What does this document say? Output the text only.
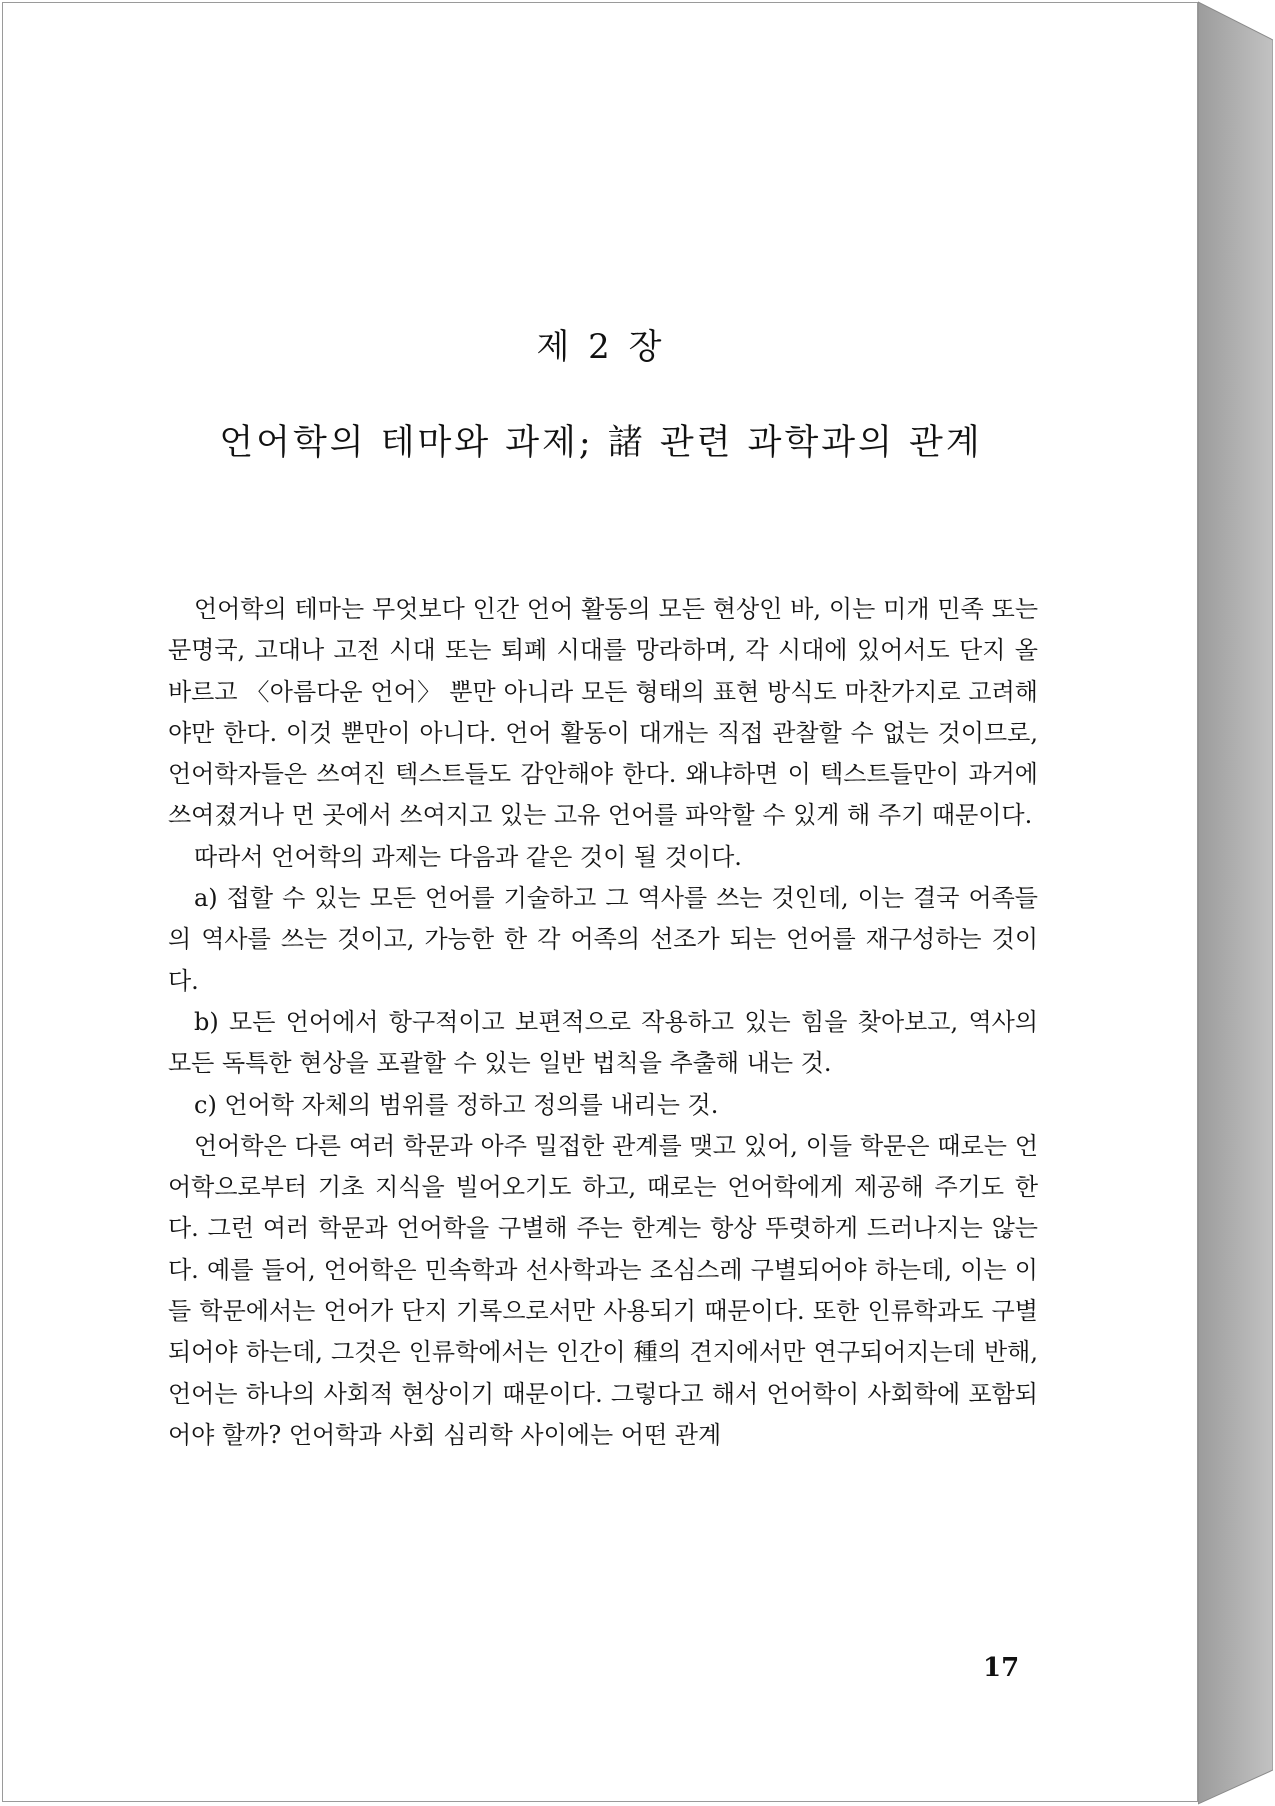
제 2 장
언어학의 테마와 과제; 諸 관련 과학과의 관계

언어학의 테마는 무엇보다 인간 언어 활동의 모든 현상인 바, 이는 미개 민족 또는 문명국, 고대나 고전 시대 또는 퇴폐 시대를 망라하며, 각 시대에 있어서도 단지 올바르고 〈아름다운 언어〉 뿐만 아니라 모든 형태의 표현 방식도 마찬가지로 고려해야만 한다. 이것 뿐만이 아니다. 언어 활동이 대개는 직접 관찰할 수 없는 것이므로, 언어학자들은 쓰여진 텍스트들도 감안해야 한다. 왜냐하면 이 텍스트들만이 과거에 쓰여졌거나 먼 곳에서 쓰여지고 있는 고유 언어를 파악할 수 있게 해 주기 때문이다.

따라서 언어학의 과제는 다음과 같은 것이 될 것이다.

a) 접할 수 있는 모든 언어를 기술하고 그 역사를 쓰는 것인데, 이는 결국 어족들의 역사를 쓰는 것이고, 가능한 한 각 어족의 선조가 되는 언어를 재구성하는 것이다.

b) 모든 언어에서 항구적이고 보편적으로 작용하고 있는 힘을 찾아보고, 역사의 모든 독특한 현상을 포괄할 수 있는 일반 법칙을 추출해 내는 것.

c) 언어학 자체의 범위를 정하고 정의를 내리는 것.

언어학은 다른 여러 학문과 아주 밀접한 관계를 맺고 있어, 이들 학문은 때로는 언어학으로부터 기초 지식을 빌어오기도 하고, 때로는 언어학에게 제공해 주기도 한다. 그런 여러 학문과 언어학을 구별해 주는 한계는 항상 뚜렷하게 드러나지는 않는다. 예를 들어, 언어학은 민속학과 선사학과는 조심스레 구별되어야 하는데, 이는 이들 학문에서는 언어가 단지 기록으로서만 사용되기 때문이다. 또한 인류학과도 구별되어야 하는데, 그것은 인류학에서는 인간이 種의 견지에서만 연구되어지는데 반해, 언어는 하나의 사회적 현상이기 때문이다. 그렇다고 해서 언어학이 사회학에 포함되어야 할까? 언어학과 사회 심리학 사이에는 어떤 관계

17
